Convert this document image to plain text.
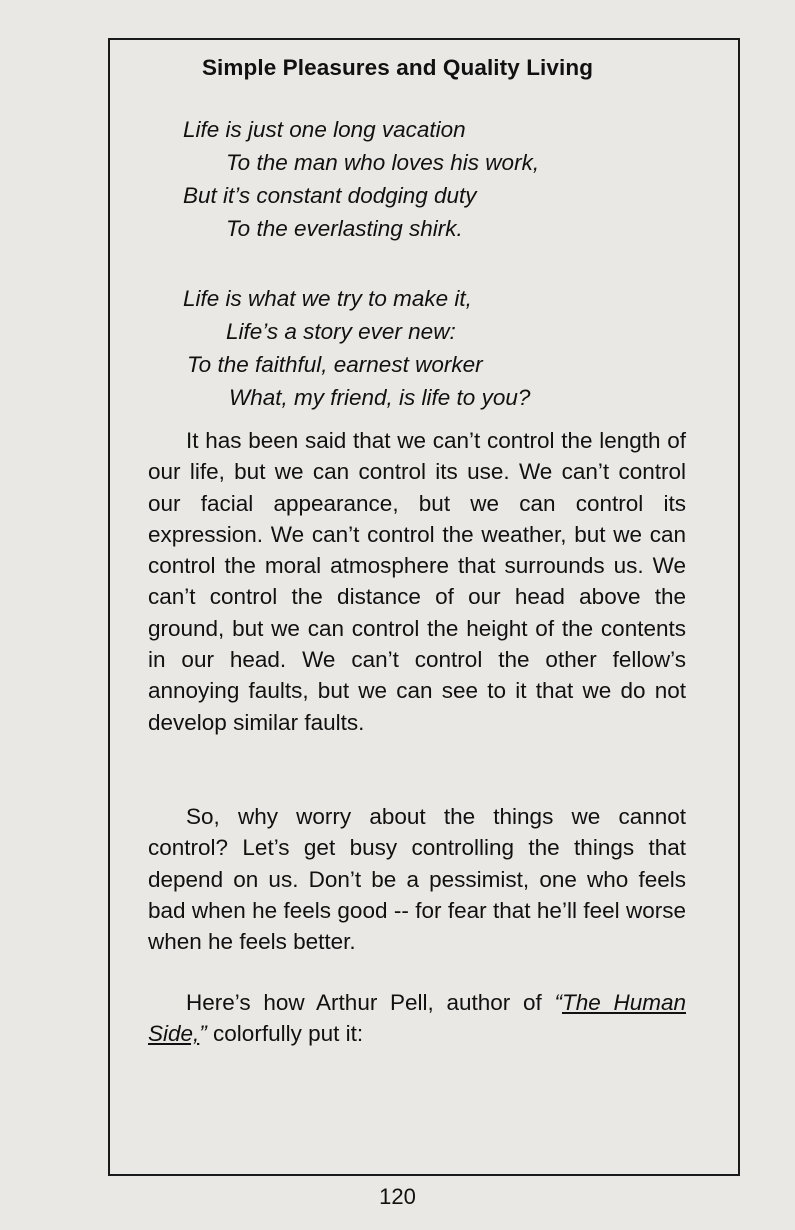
Simple Pleasures and Quality Living
Life is just one long vacation
To the man who loves his work,
But it’s constant dodging duty
To the everlasting shirk.
Life is what we try to make it,
Life’s a story ever new:
To the faithful, earnest worker
What, my friend, is life to you?

It has been said that we can’t control the length of our life, but we can control its use. We can’t control our facial appearance, but we can control its expression. We can’t control the weather, but we can control the moral atmosphere that surrounds us. We can’t control the distance of our head above the ground, but we can control the height of the contents in our head. We can’t control the other fellow’s annoying faults, but we can see to it that we do not develop similar faults.

So, why worry about the things we cannot control? Let’s get busy controlling the things that depend on us. Don’t be a pessimist, one who feels bad when he feels good -- for fear that he’ll feel worse when he feels better.

Here’s how Arthur Pell, author of “The Human Side,” colorfully put it:

120
